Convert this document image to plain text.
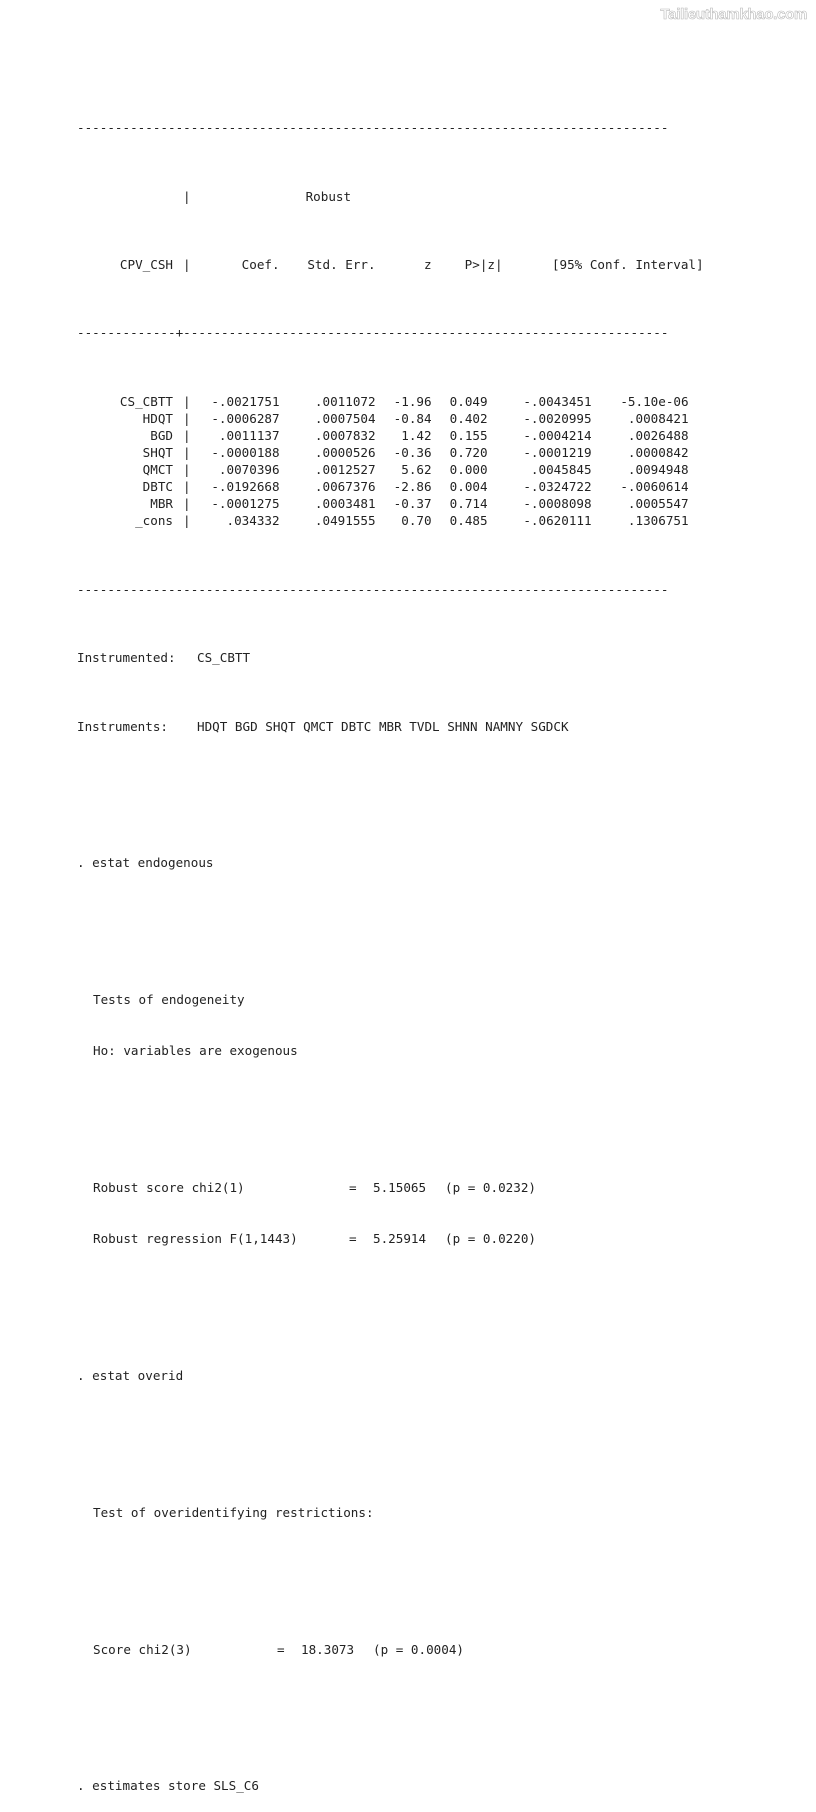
Tailieuthamkhao.com

------------------------------------------------------------------------------

|	Robust

CPV_CSH |	Coef. Std. Err.	z	P>|z|	[95% Conf. Interval]

-------------+----------------------------------------------------------------

CS_CBTT | -.0021751	.0011072 -1.96 0.049	-.0043451 -5.10e-06
HDQT | -.0006287	.0007504 -0.84 0.402	-.0020995	.0008421
BGD | .0011137	.0007832 1.42 0.155	-.0004214	.0026488
SHQT | -.0000188	.0000526 -0.36 0.720	-.0001219	.0000842
QMCT | .0070396	.0012527 5.62 0.000	.0045845	.0094948
DBTC | -.0192668	.0067376 -2.86 0.004	-.0324722 -.0060614
MBR | -.0001275	.0003481 -0.37 0.714	-.0008098	.0005547
_cons |	.034332	.0491555 0.70 0.485	-.0620111	.1306751

------------------------------------------------------------------------------

Instrumented: CS_CBTT

Instruments: HDQT BGD SHQT QMCT DBTC MBR TVDL SHNN NAMNY SGDCK

. estat endogenous

Tests of endogeneity

Ho: variables are exogenous

Robust score chi2(1)	= 5.15065 (p = 0.0232)

Robust regression F(1,1443)	= 5.25914 (p = 0.0220)

. estat overid

Test of overidentifying restrictions:

Score chi2(3)	= 18.3073 (p = 0.0004)

. estimates store SLS_C6
